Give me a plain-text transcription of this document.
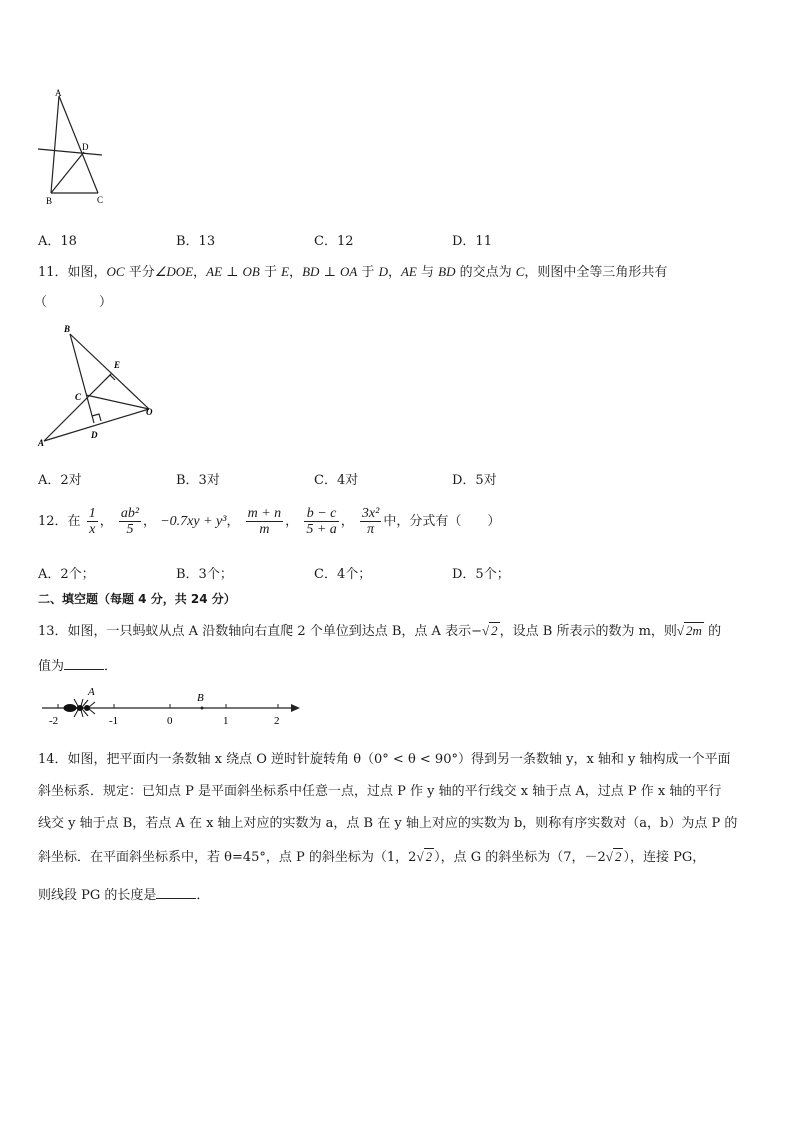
A
D
B	C
A．18	B．13	C．12	D．11
11．如图，OC 平分∠DOE，AE ⊥ OB 于 E，BD ⊥ OA 于 D，AE 与 BD 的交点为 C，则图中全等三角形共有
（　　　　）
B
E
C
O
D
A
A．2对	B．3对	C．4对	D．5对
12．在 $\frac{1}{x}$ ， $\frac{\text{ab²}}{5}$ ， −0.7xy + y³， $\frac{m + n}{m}$ ， $\frac{b - c}{5 + a}$ ， $\frac{\text{3x²}}{\pi}$ 中，分式有（　　）
A．2个；	B．3个；	C．4个；	D．5个；
二、填空题（每题 4 分，共 24 分）
13．如图，一只蚂蚁从点 A 沿数轴向右直爬 2 个单位到达点 B，点 A 表示−√ 2 ，设点 B 所表示的数为 m，则√ 2m 的
值为	．
A	B
-2	-1	0	1	2
14．如图，把平面内一条数轴 x 绕点 O 逆时针旋转角 θ（0° < θ < 90°）得到另一条数轴 y，x 轴和 y 轴构成一个平面
斜坐标系．规定：已知点 P 是平面斜坐标系中任意一点，过点 P 作 y 轴的平行线交 x 轴于点 A，过点 P 作 x 轴的平行
线交 y 轴于点 B，若点 A 在 x 轴上对应的实数为 a，点 B 在 y 轴上对应的实数为 b，则称有序实数对（a，b）为点 P 的
斜坐标．在平面斜坐标系中，若 θ=45°，点 P 的斜坐标为（1，2√ 2 ），点 G 的斜坐标为（7，－2√ 2 ），连接 PG，
则线段 PG 的长度是	．
